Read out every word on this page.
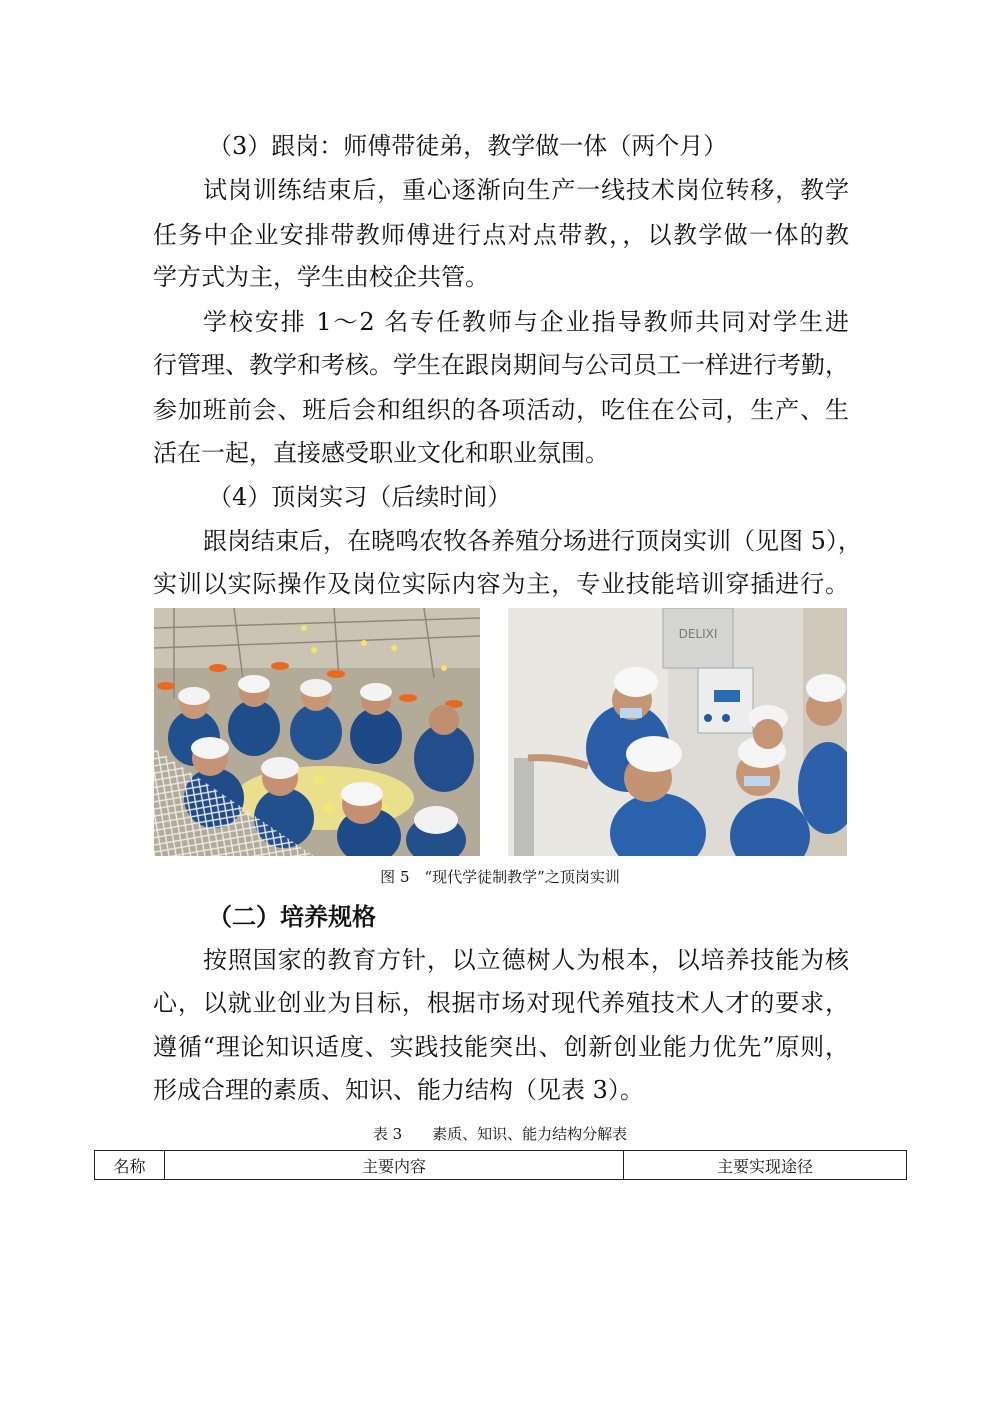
（3）跟岗：师傅带徒弟，教学做一体（两个月）
试岗训练结束后，重心逐渐向生产一线技术岗位转移，教学
任务中企业安排带教师傅进行点对点带教，，以教学做一体的教
学方式为主，学生由校企共管。
学校安排 1～2 名专任教师与企业指导教师共同对学生进
行管理、教学和考核。学生在跟岗期间与公司员工一样进行考勤，
参加班前会、班后会和组织的各项活动，吃住在公司，生产、生
活在一起，直接感受职业文化和职业氛围。
（4）顶岗实习（后续时间）
跟岗结束后，在晓鸣农牧各养殖分场进行顶岗实训（见图 5），
实训以实际操作及岗位实际内容为主，专业技能培训穿插进行。
DELIXI
图 5　“现代学徒制教学”之顶岗实训
（二）培养规格
按照国家的教育方针，以立德树人为根本，以培养技能为核
心，以就业创业为目标，根据市场对现代养殖技术人才的要求，
遵循“理论知识适度、实践技能突出、创新创业能力优先”原则，
形成合理的素质、知识、能力结构（见表 3）。
表 3　　素质、知识、能力结构分解表
名称	主要内容	主要实现途径
